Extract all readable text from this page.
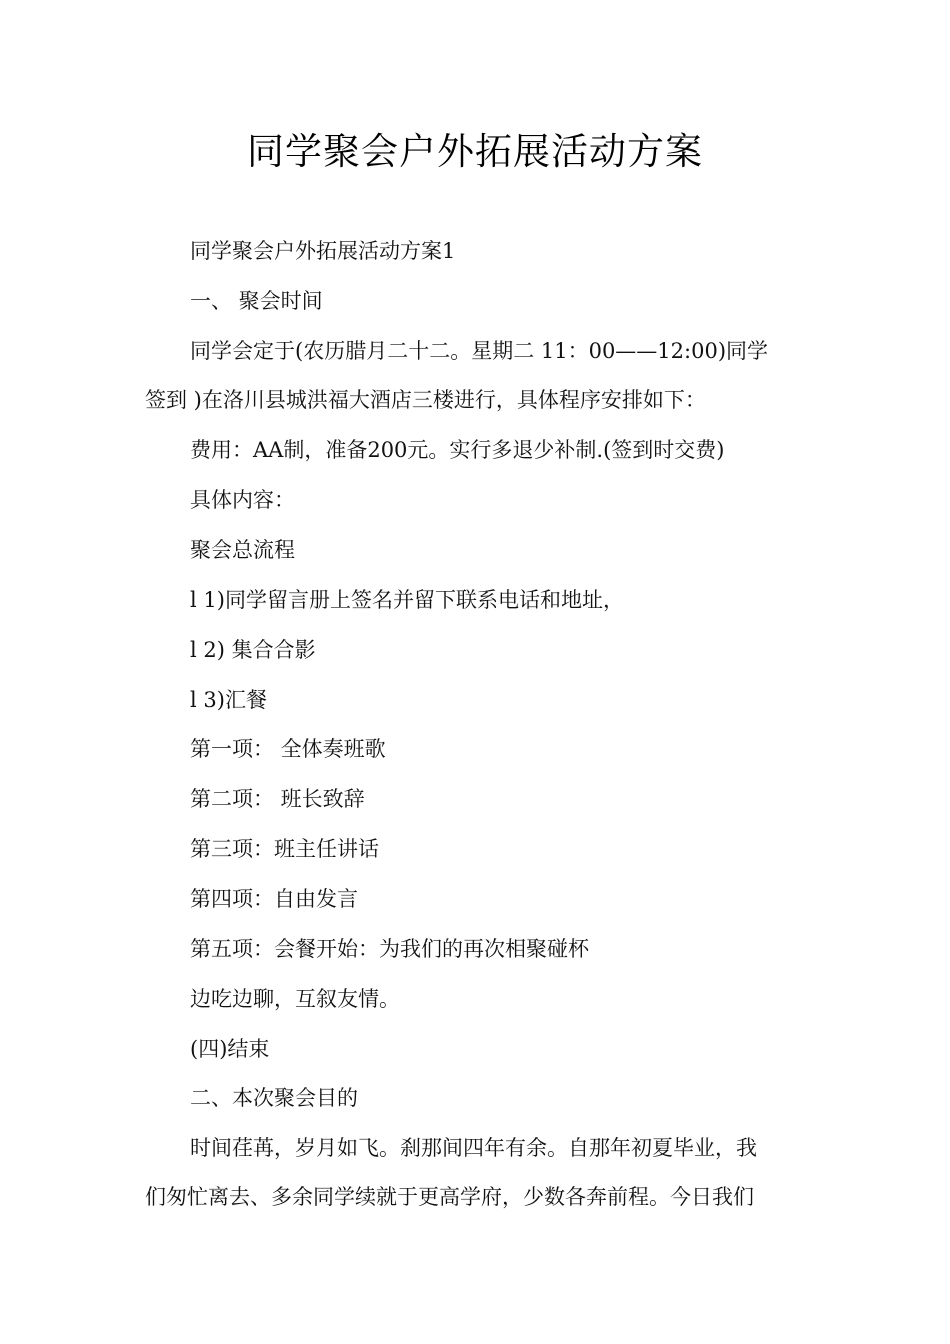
同学聚会户外拓展活动方案

同学聚会户外拓展活动方案1

一、 聚会时间

同学会定于(农历腊月二十二。星期二 11：00——12:00)同学

签到 )在洛川县城洪福大酒店三楼进行，具体程序安排如下：

费用：AA制，准备200元。实行多退少补制.(签到时交费)

具体内容：

聚会总流程

l 1)同学留言册上签名并留下联系电话和地址，

l 2) 集合合影

l 3)汇餐

第一项： 全体奏班歌

第二项： 班长致辞

第三项：班主任讲话

第四项：自由发言

第五项：会餐开始：为我们的再次相聚碰杯

边吃边聊，互叙友情。

(四)结束

二、本次聚会目的

时间荏苒，岁月如飞。刹那间四年有余。自那年初夏毕业，我

们匆忙离去、多余同学续就于更高学府，少数各奔前程。今日我们
